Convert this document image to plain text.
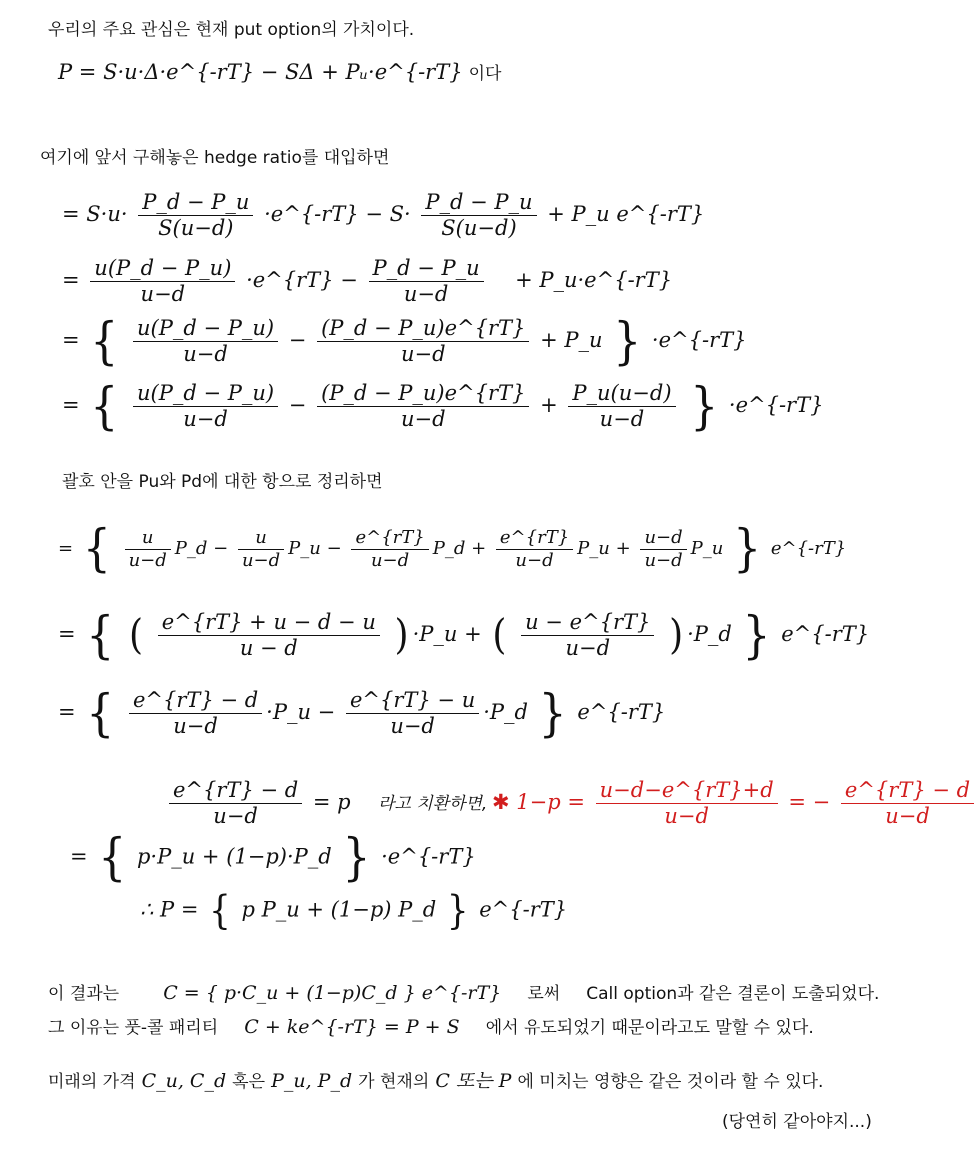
우리의 주요 관심은 현재 put option의 가치이다.
P = S·u·Δ·e^{-rT} − SΔ + Pᵤ·e^{-rT} 이다
여기에 앞서 구해놓은 hedge ratio를 대입하면
= $S\cdot u\cdot \frac{P\_d - P\_u}{S(u-d)}$ ·e^{-rT} − $S\cdot \frac{P\_d - P\_u}{S(u-d)}$ + P_u e^{-rT}
= $\frac{u(P\_d - P\_u)}{u-d}$ ·e^{rT} − $\frac{P\_d - P\_u}{u-d}$ + P_u·e^{-rT}
= { $\frac{u(P\_d - P\_u)}{u-d} - \frac{(P\_d - P\_u)e\^{}\{rT\}}{u-d}$ + P_u } ·e^{-rT}
= { $\frac{u(P\_d - P\_u)}{u-d} - \frac{(P\_d - P\_u)e\^{}\{rT\}}{u-d} + \frac{P\_u(u-d)}{u-d}$ } ·e^{-rT}
괄호 안을 Pu와 Pd에 대한 항으로 정리하면
= { $\frac{u}{u-d}$ P_d − $\frac{u}{u-d}$ P_u − $\frac{e\^{}\{rT\}}{u-d}$ P_d + $\frac{e\^{}\{rT\}}{u-d}$ P_u + $\frac{u-d}{u-d}$ P_u } e^{-rT}
= { ( $\frac{e\^{}\{rT\} + u - d - u}{u - d}$ ) ·P_u + ( $\frac{u - e\^{}\{rT\}}{u-d}$ ) ·P_d } e^{-rT}
= { $\frac{e\^{}\{rT\} - d}{u-d}$ ·P_u − $\frac{e\^{}\{rT\} - u}{u-d}$ ·P_d } e^{-rT}
$\frac{e\^{}\{rT\} - d}{u-d} = p$ 라고 치환하면, ✱ $1-p = \frac{u-d-e\^{}\{rT\}+d}{u-d}$ = − $\frac{e\^{}\{rT\} - d}{u-d}$
= { p·P_u + (1−p)·P_d } ·e^{-rT}
∴ P = { p P_u + (1−p) P_d } e^{-rT}
이 결과는 C = { p·C_u + (1−p)C_d } e^{-rT} 로써 Call option과 같은 결론이 도출되었다.
그 이유는 풋-콜 패리티 C + ke^{-rT} = P + S 에서 유도되었기 때문이라고도 말할 수 있다.
미래의 가격 C_u, C_d 혹은 P_u, P_d 가 현재의 C 또는 P 에 미치는 영향은 같은 것이라 할 수 있다.
(당연히 같아야지...)
